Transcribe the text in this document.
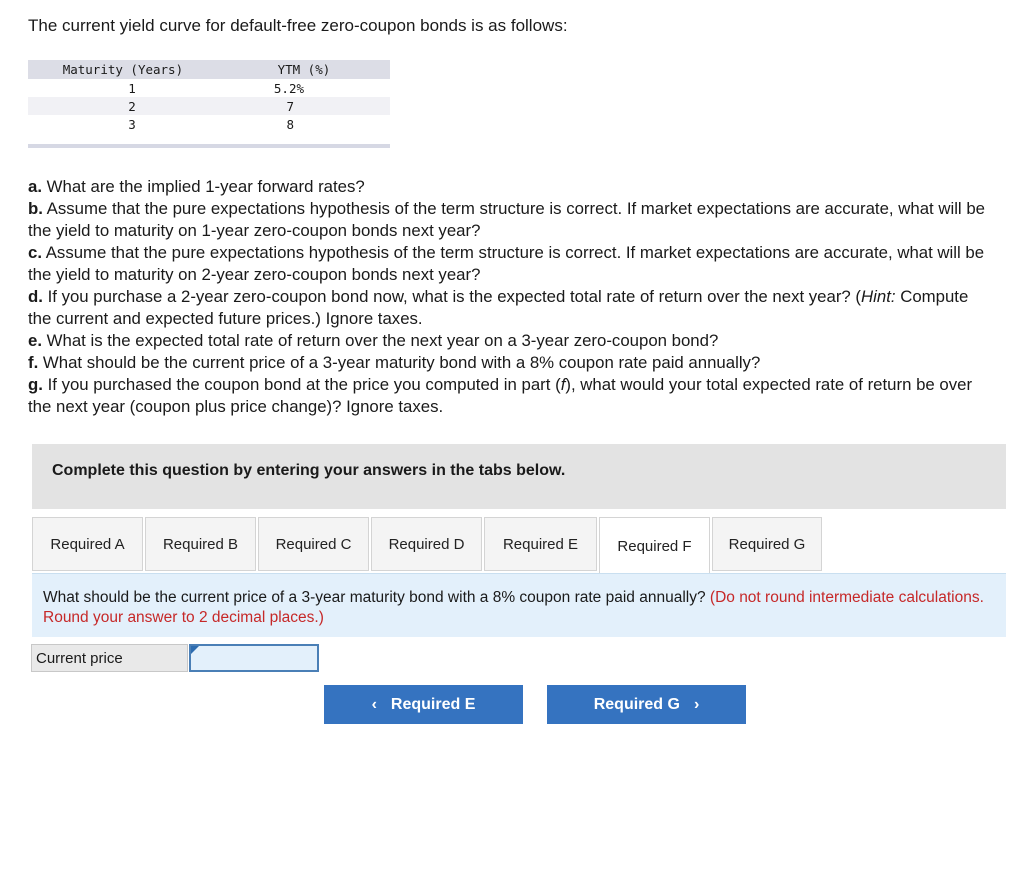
The current yield curve for default-free zero-coupon bonds is as follows:
Maturity (Years)	YTM (%)
1	5.2%
2	7
3	8

a. What are the implied 1-year forward rates?

b. Assume that the pure expectations hypothesis of the term structure is correct. If market expectations are accurate, what will be the yield to maturity on 1-year zero-coupon bonds next year?

c. Assume that the pure expectations hypothesis of the term structure is correct. If market expectations are accurate, what will be the yield to maturity on 2-year zero-coupon bonds next year?

d. If you purchase a 2-year zero-coupon bond now, what is the expected total rate of return over the next year? (Hint: Compute the current and expected future prices.) Ignore taxes.

e. What is the expected total rate of return over the next year on a 3-year zero-coupon bond?

f. What should be the current price of a 3-year maturity bond with a 8% coupon rate paid annually?

g. If you purchased the coupon bond at the price you computed in part (f), what would your total expected rate of return be over the next year (coupon plus price change)? Ignore taxes.

Complete this question by entering your answers in the tabs below.
Required A	Required B	Required C	Required D	Required E	Required F	Required G

What should be the current price of a 3-year maturity bond with a 8% coupon rate paid annually? (Do not round intermediate calculations. Round your answer to 2 decimal places.)

Current price
‹ Required E	Required G ›
